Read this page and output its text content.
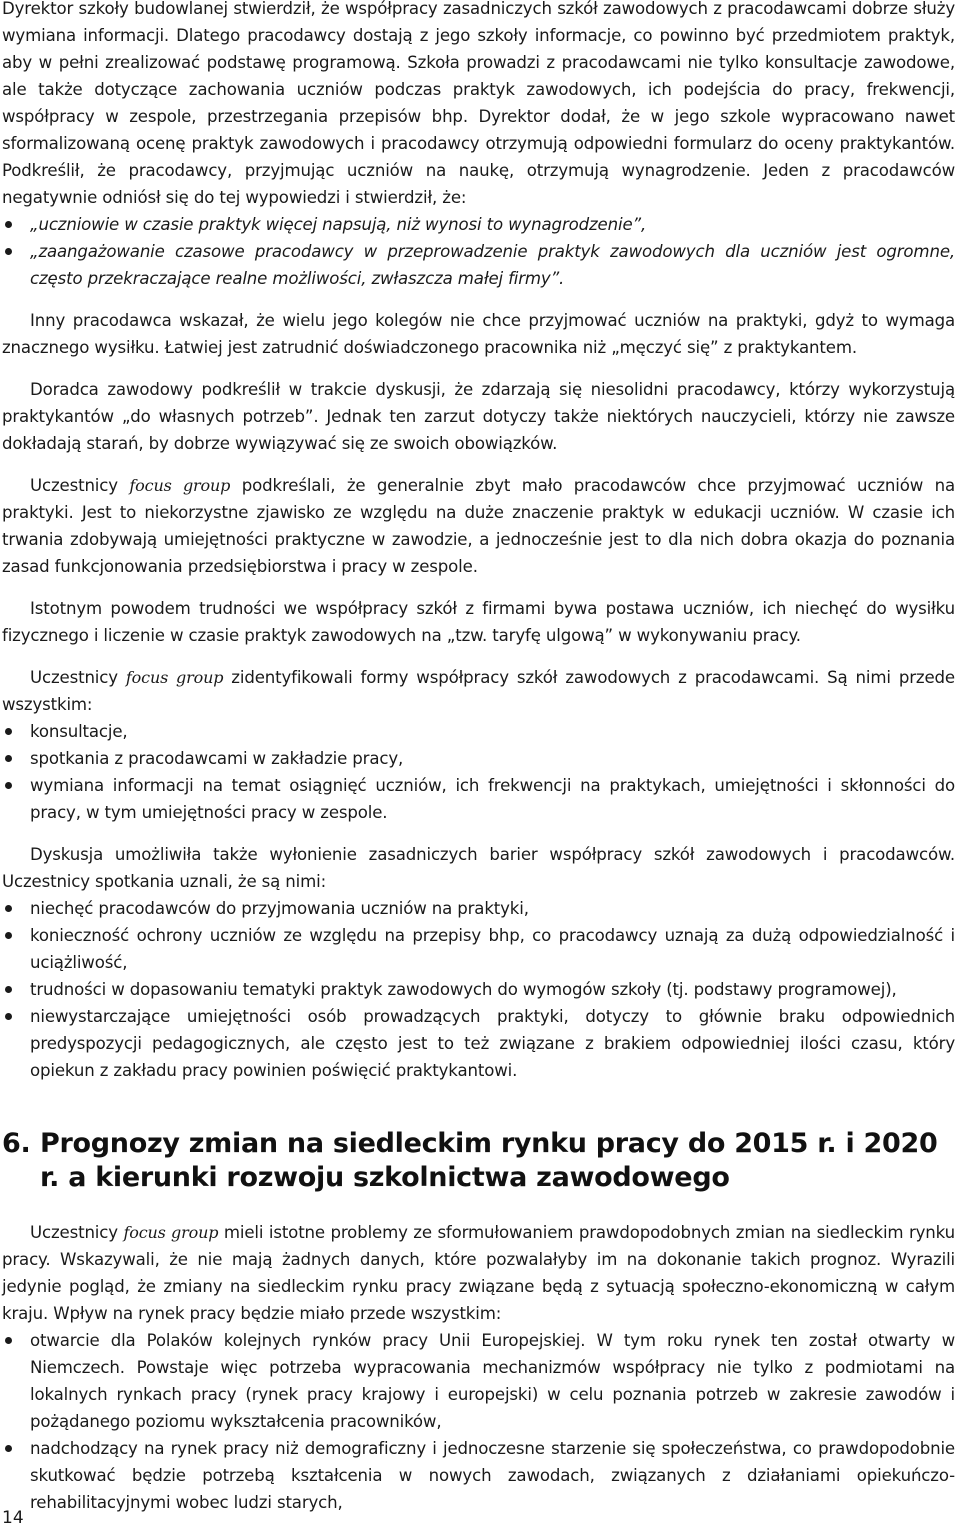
Dyrektor szkoły budowlanej stwierdził, że współpracy zasadniczych szkół zawodowych z pracodawcami dobrze służy wymiana informacji. Dlatego pracodawcy dostają z jego szkoły informacje, co powinno być przedmiotem praktyk, aby w pełni zrealizować podstawę programową. Szkoła prowadzi z pracodawcami nie tylko konsultacje zawodowe, ale także dotyczące zachowania uczniów podczas praktyk zawodowych, ich podejścia do pracy, frekwencji, współpracy w zespole, przestrzegania przepisów bhp. Dyrektor dodał, że w jego szkole wypracowano nawet sformalizowaną ocenę praktyk zawodowych i pracodawcy otrzymują odpowiedni formularz do oceny praktykantów. Podkreślił, że pracodawcy, przyjmując uczniów na naukę, otrzymują wynagrodzenie. Jeden z pracodawców negatywnie odniósł się do tej wypowiedzi i stwierdził, że:

„uczniowie w czasie praktyk więcej napsują, niż wynosi to wynagrodzenie”,
„zaangażowanie czasowe pracodawcy w przeprowadzenie praktyk zawodowych dla uczniów jest ogromne, często przekraczające realne możliwości, zwłaszcza małej firmy”.

Inny pracodawca wskazał, że wielu jego kolegów nie chce przyjmować uczniów na praktyki, gdyż to wymaga znacznego wysiłku. Łatwiej jest zatrudnić doświadczonego pracownika niż „męczyć się” z praktykantem.

Doradca zawodowy podkreślił w trakcie dyskusji, że zdarzają się niesolidni pracodawcy, którzy wykorzystują praktykantów „do własnych potrzeb”. Jednak ten zarzut dotyczy także niektórych nauczycieli, którzy nie zawsze dokładają starań, by dobrze wywiązywać się ze swoich obowiązków.

Uczestnicy focus group podkreślali, że generalnie zbyt mało pracodawców chce przyjmować uczniów na praktyki. Jest to niekorzystne zjawisko ze względu na duże znaczenie praktyk w edukacji uczniów. W czasie ich trwania zdobywają umiejętności praktyczne w zawodzie, a jednocześnie jest to dla nich dobra okazja do poznania zasad funkcjonowania przedsiębiorstwa i pracy w zespole.

Istotnym powodem trudności we współpracy szkół z firmami bywa postawa uczniów, ich niechęć do wysiłku fizycznego i liczenie w czasie praktyk zawodowych na „tzw. taryfę ulgową” w wykonywaniu pracy.

Uczestnicy focus group zidentyfikowali formy współpracy szkół zawodowych z pracodawcami. Są nimi przede wszystkim:

konsultacje,
spotkania z pracodawcami w zakładzie pracy,
wymiana informacji na temat osiągnięć uczniów, ich frekwencji na praktykach, umiejętności i skłonności do pracy, w tym umiejętności pracy w zespole.

Dyskusja umożliwiła także wyłonienie zasadniczych barier współpracy szkół zawodowych i pracodawców. Uczestnicy spotkania uznali, że są nimi:

niechęć pracodawców do przyjmowania uczniów na praktyki,
konieczność ochrony uczniów ze względu na przepisy bhp, co pracodawcy uznają za dużą odpowiedzialność i uciążliwość,
trudności w dopasowaniu tematyki praktyk zawodowych do wymogów szkoły (tj. podstawy programowej),
niewystarczające umiejętności osób prowadzących praktyki, dotyczy to głównie braku odpowiednich predyspozycji pedagogicznych, ale często jest to też związane z brakiem odpowiedniej ilości czasu, który opiekun z zakładu pracy powinien poświęcić praktykantowi.
6. Prognozy zmian na siedleckim rynku pracy do 2015 r. i 2020 r. a kierunki rozwoju szkolnictwa zawodowego

Uczestnicy focus group mieli istotne problemy ze sformułowaniem prawdopodobnych zmian na siedleckim rynku pracy. Wskazywali, że nie mają żadnych danych, które pozwalałyby im na dokonanie takich prognoz. Wyrazili jedynie pogląd, że zmiany na siedleckim rynku pracy związane będą z sytuacją społeczno-ekonomiczną w całym kraju. Wpływ na rynek pracy będzie miało przede wszystkim:

otwarcie dla Polaków kolejnych rynków pracy Unii Europejskiej. W tym roku rynek ten został otwarty w Niemczech. Powstaje więc potrzeba wypracowania mechanizmów współpracy nie tylko z podmiotami na lokalnych rynkach pracy (rynek pracy krajowy i europejski) w celu poznania potrzeb w zakresie zawodów i pożądanego poziomu wykształcenia pracowników,
nadchodzący na rynek pracy niż demograficzny i jednoczesne starzenie się społeczeństwa, co prawdopodobnie skutkować będzie potrzebą kształcenia w nowych zawodach, związanych z działaniami opiekuńczo-rehabilitacyjnymi wobec ludzi starych,
14
